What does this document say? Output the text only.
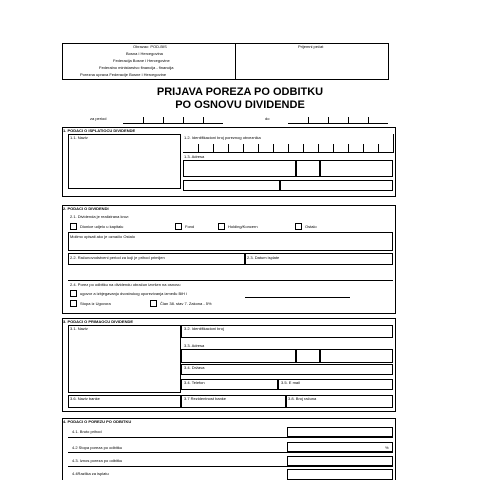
Obrazac: POD-BIS
Bosna i Hercegovina
Federacija Bosne i Hercegovine
Federalno ministarstvo financija - financija
Porezna uprava Federacije Bosne i Hercegovine
Prijemni pečat
PRIJAVA POREZA PO ODBITKU
PO OSNOVU DIVIDENDE
za period	do
1. PODACI O ISPLATIOCU DIVIDENDE
1.1. Naziv	1.2. Identifikacioni broj poreznog obveznika
1.3. Adresa
2. PODACI O DIVIDENDI
2.1. Dividenda je realizirana kroz:
Dionice udjelo u kapitalu	Fond	Holding/Koncern	Ostalo
Molimo opisati ako je označio Ostalo
2.2. Računovodstveni period za koji je prihod primljen	2.3. Datum isplate
2.4. Porez po odbitku na dividendu obračun izvršen na osnovu
ugovor a izbjegavanju dvostrukog oporezivanja između BiH i
Stopa iz Ugovora	Član 38. stav 7. Zakona - 5%
3. PODACI O PRIMAOCU DIVIDENDE
3.1. Naziv	3.2. Identifikacioni broj
3.3. Adresa
3.4. Država
3.4. Telefon	3.5. E mail
3.6. Naziv banke	3.7 Rezidentnost banke	3.8. Broj računa
4. PODACI O POREZU PO ODBITKU
4.1. Bruto prihod
4.2 Stopa poreza po odbitku	%
4.3. Iznos poreza po odbitku
4.4Razlika za isplatu
